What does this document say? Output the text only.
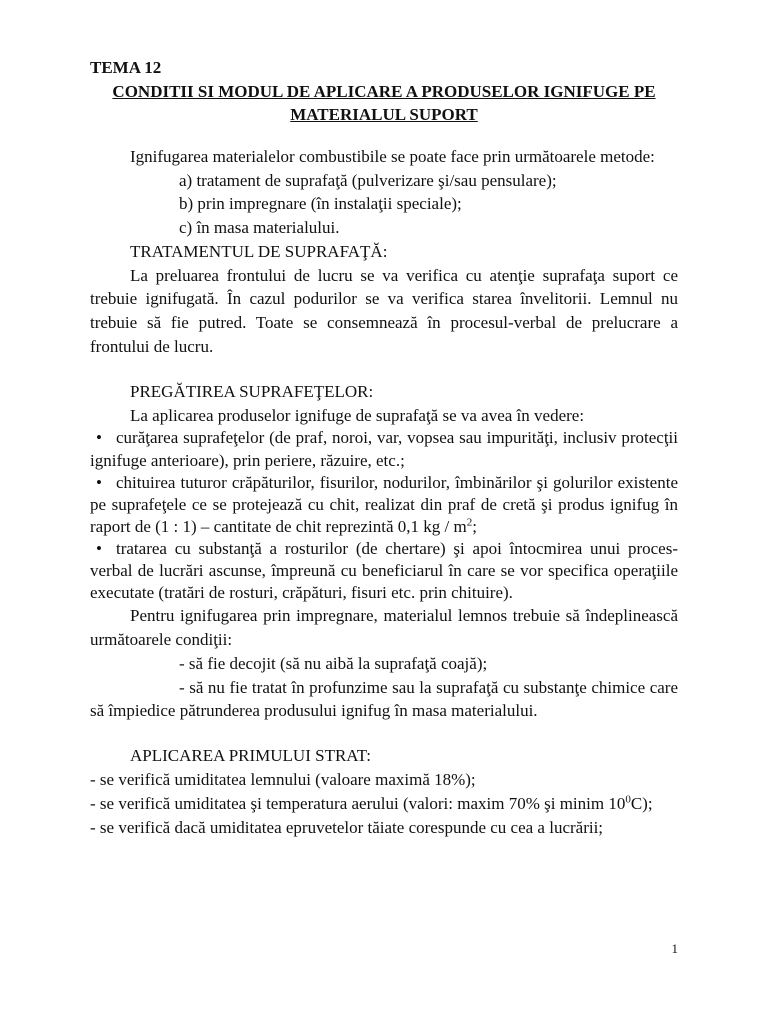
TEMA 12

CONDITII SI MODUL DE APLICARE A PRODUSELOR IGNIFUGE PE MATERIALUL SUPORT

Ignifugarea materialelor combustibile se poate face prin următoarele metode:

a) tratament de suprafaţă (pulverizare şi/sau pensulare);

b) prin impregnare (în instalaţii speciale);

c) în masa materialului.

TRATAMENTUL DE SUPRAFAŢĂ:

La preluarea frontului de lucru se va verifica cu atenţie suprafaţa suport ce trebuie ignifugată. În cazul podurilor se va verifica starea învelitorii. Lemnul nu trebuie să fie putred. Toate se consemnează în procesul-verbal de prelucrare a frontului de lucru.

PREGĂTIREA SUPRAFEŢELOR:

La aplicarea produselor ignifuge de suprafaţă se va avea în vedere:

• curăţarea suprafeţelor (de praf, noroi, var, vopsea sau impurităţi, inclusiv protecţii ignifuge anterioare), prin periere, răzuire, etc.;
• chituirea tuturor crăpăturilor, fisurilor, nodurilor, îmbinărilor şi golurilor existente pe suprafeţele ce se protejează cu chit, realizat din praf de cretă şi produs ignifug în raport de (1 : 1) – cantitate de chit reprezintă 0,1 kg / $m^2$;
• tratarea cu substanţă a rosturilor (de chertare) şi apoi întocmirea unui proces-verbal de lucrări ascunse, împreună cu beneficiarul în care se vor specifica operaţiile executate (tratări de rosturi, crăpături, fisuri etc. prin chituire).

Pentru ignifugarea prin impregnare, materialul lemnos trebuie să îndeplinească următoarele condiţii:

- să fie decojit (să nu aibă la suprafaţă coajă);

- să nu fie tratat în profunzime sau la suprafaţă cu substanţe chimice care să împiedice pătrunderea produsului ignifug în masa materialului.

APLICAREA PRIMULUI STRAT:

- se verifică umiditatea lemnului (valoare maximă 18%);

- se verifică umiditatea şi temperatura aerului (valori: maxim 70% şi minim $10^0C$);

- se verifică dacă umiditatea epruvetelor tăiate corespunde cu cea a lucrării;

1
